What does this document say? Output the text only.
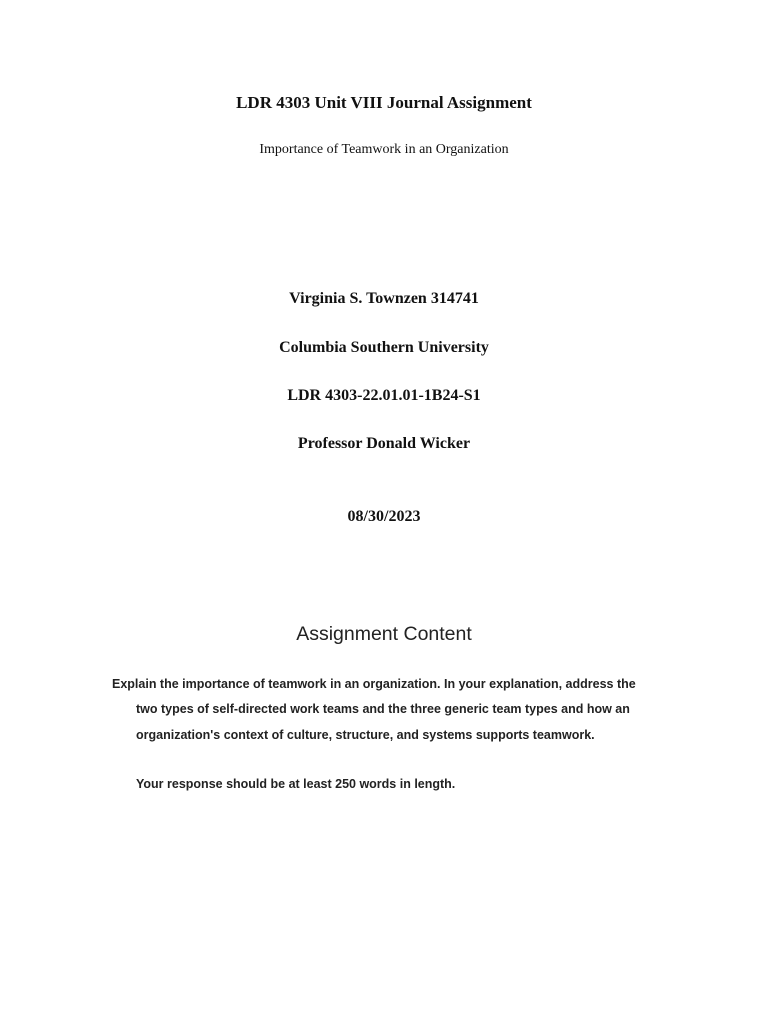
LDR 4303 Unit VIII Journal Assignment
Importance of Teamwork in an Organization
Virginia S. Townzen 314741
Columbia Southern University
LDR 4303-22.01.01-1B24-S1
Professor Donald Wicker
08/30/2023
Assignment Content
Explain the importance of teamwork in an organization. In your explanation, address the
two types of self-directed work teams and the three generic team types and how an
organization's context of culture, structure, and systems supports teamwork.
Your response should be at least 250 words in length.
